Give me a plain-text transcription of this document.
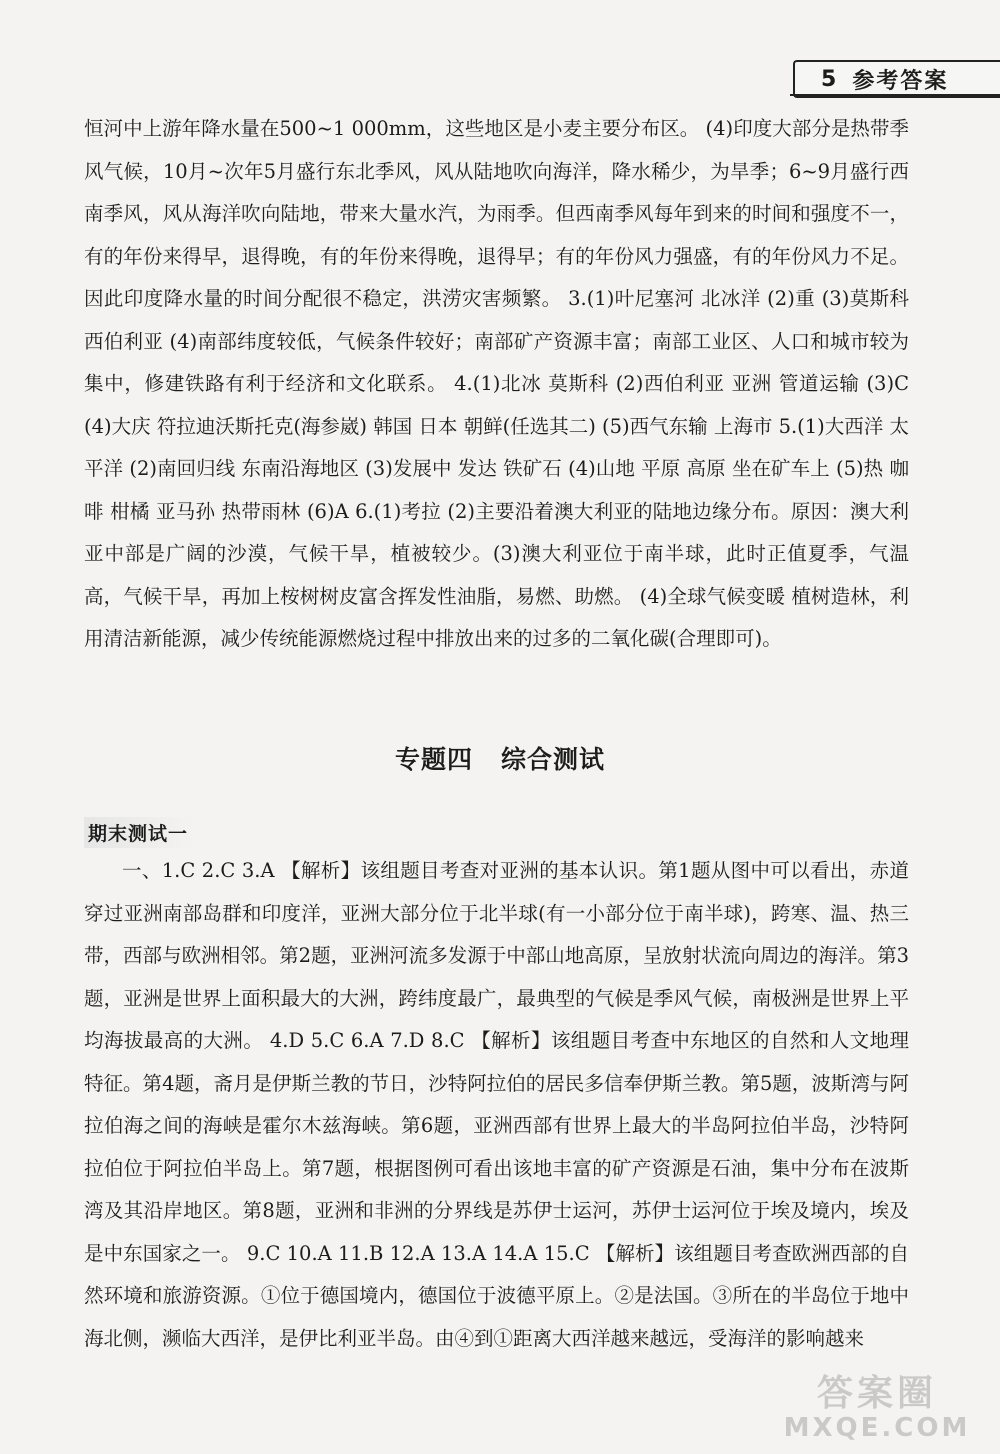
5 参考答案

恒河中上游年降水量在500~1 000mm，这些地区是小麦主要分布区。 (4)印度大部分是热带季风气候，10月~次年5月盛行东北季风，风从陆地吹向海洋，降水稀少，为旱季；6~9月盛行西南季风，风从海洋吹向陆地，带来大量水汽，为雨季。但西南季风每年到来的时间和强度不一，有的年份来得早，退得晚，有的年份来得晚，退得早；有的年份风力强盛，有的年份风力不足。因此印度降水量的时间分配很不稳定，洪涝灾害频繁。 3.(1)叶尼塞河 北冰洋 (2)重 (3)莫斯科 西伯利亚 (4)南部纬度较低，气候条件较好；南部矿产资源丰富；南部工业区、人口和城市较为集中，修建铁路有利于经济和文化联系。 4.(1)北冰 莫斯科 (2)西伯利亚 亚洲 管道运输 (3)C (4)大庆 符拉迪沃斯托克(海参崴) 韩国 日本 朝鲜(任选其二) (5)西气东输 上海市 5.(1)大西洋 太平洋 (2)南回归线 东南沿海地区 (3)发展中 发达 铁矿石 (4)山地 平原 高原 坐在矿车上 (5)热 咖啡 柑橘 亚马孙 热带雨林 (6)A 6.(1)考拉 (2)主要沿着澳大利亚的陆地边缘分布。原因：澳大利亚中部是广阔的沙漠，气候干旱，植被较少。(3)澳大利亚位于南半球，此时正值夏季，气温高，气候干旱，再加上桉树树皮富含挥发性油脂，易燃、助燃。 (4)全球气候变暖 植树造林，利用清洁新能源，减少传统能源燃烧过程中排放出来的过多的二氧化碳(合理即可)。

专题四 综合测试
期末测试一

一、1.C 2.C 3.A 【解析】该组题目考查对亚洲的基本认识。第1题从图中可以看出，赤道穿过亚洲南部岛群和印度洋，亚洲大部分位于北半球(有一小部分位于南半球)，跨寒、温、热三带，西部与欧洲相邻。第2题，亚洲河流多发源于中部山地高原，呈放射状流向周边的海洋。第3题，亚洲是世界上面积最大的大洲，跨纬度最广，最典型的气候是季风气候，南极洲是世界上平均海拔最高的大洲。 4.D 5.C 6.A 7.D 8.C 【解析】该组题目考查中东地区的自然和人文地理特征。第4题，斋月是伊斯兰教的节日，沙特阿拉伯的居民多信奉伊斯兰教。第5题，波斯湾与阿拉伯海之间的海峡是霍尔木兹海峡。第6题，亚洲西部有世界上最大的半岛阿拉伯半岛，沙特阿拉伯位于阿拉伯半岛上。第7题，根据图例可看出该地丰富的矿产资源是石油，集中分布在波斯湾及其沿岸地区。第8题，亚洲和非洲的分界线是苏伊士运河，苏伊士运河位于埃及境内，埃及是中东国家之一。 9.C 10.A 11.B 12.A 13.A 14.A 15.C 【解析】该组题目考查欧洲西部的自然环境和旅游资源。①位于德国境内，德国位于波德平原上。②是法国。③所在的半岛位于地中海北侧，濒临大西洋，是伊比利亚半岛。由④到①距离大西洋越来越远，受海洋的影响越来

答案圈
MXQE.COM
